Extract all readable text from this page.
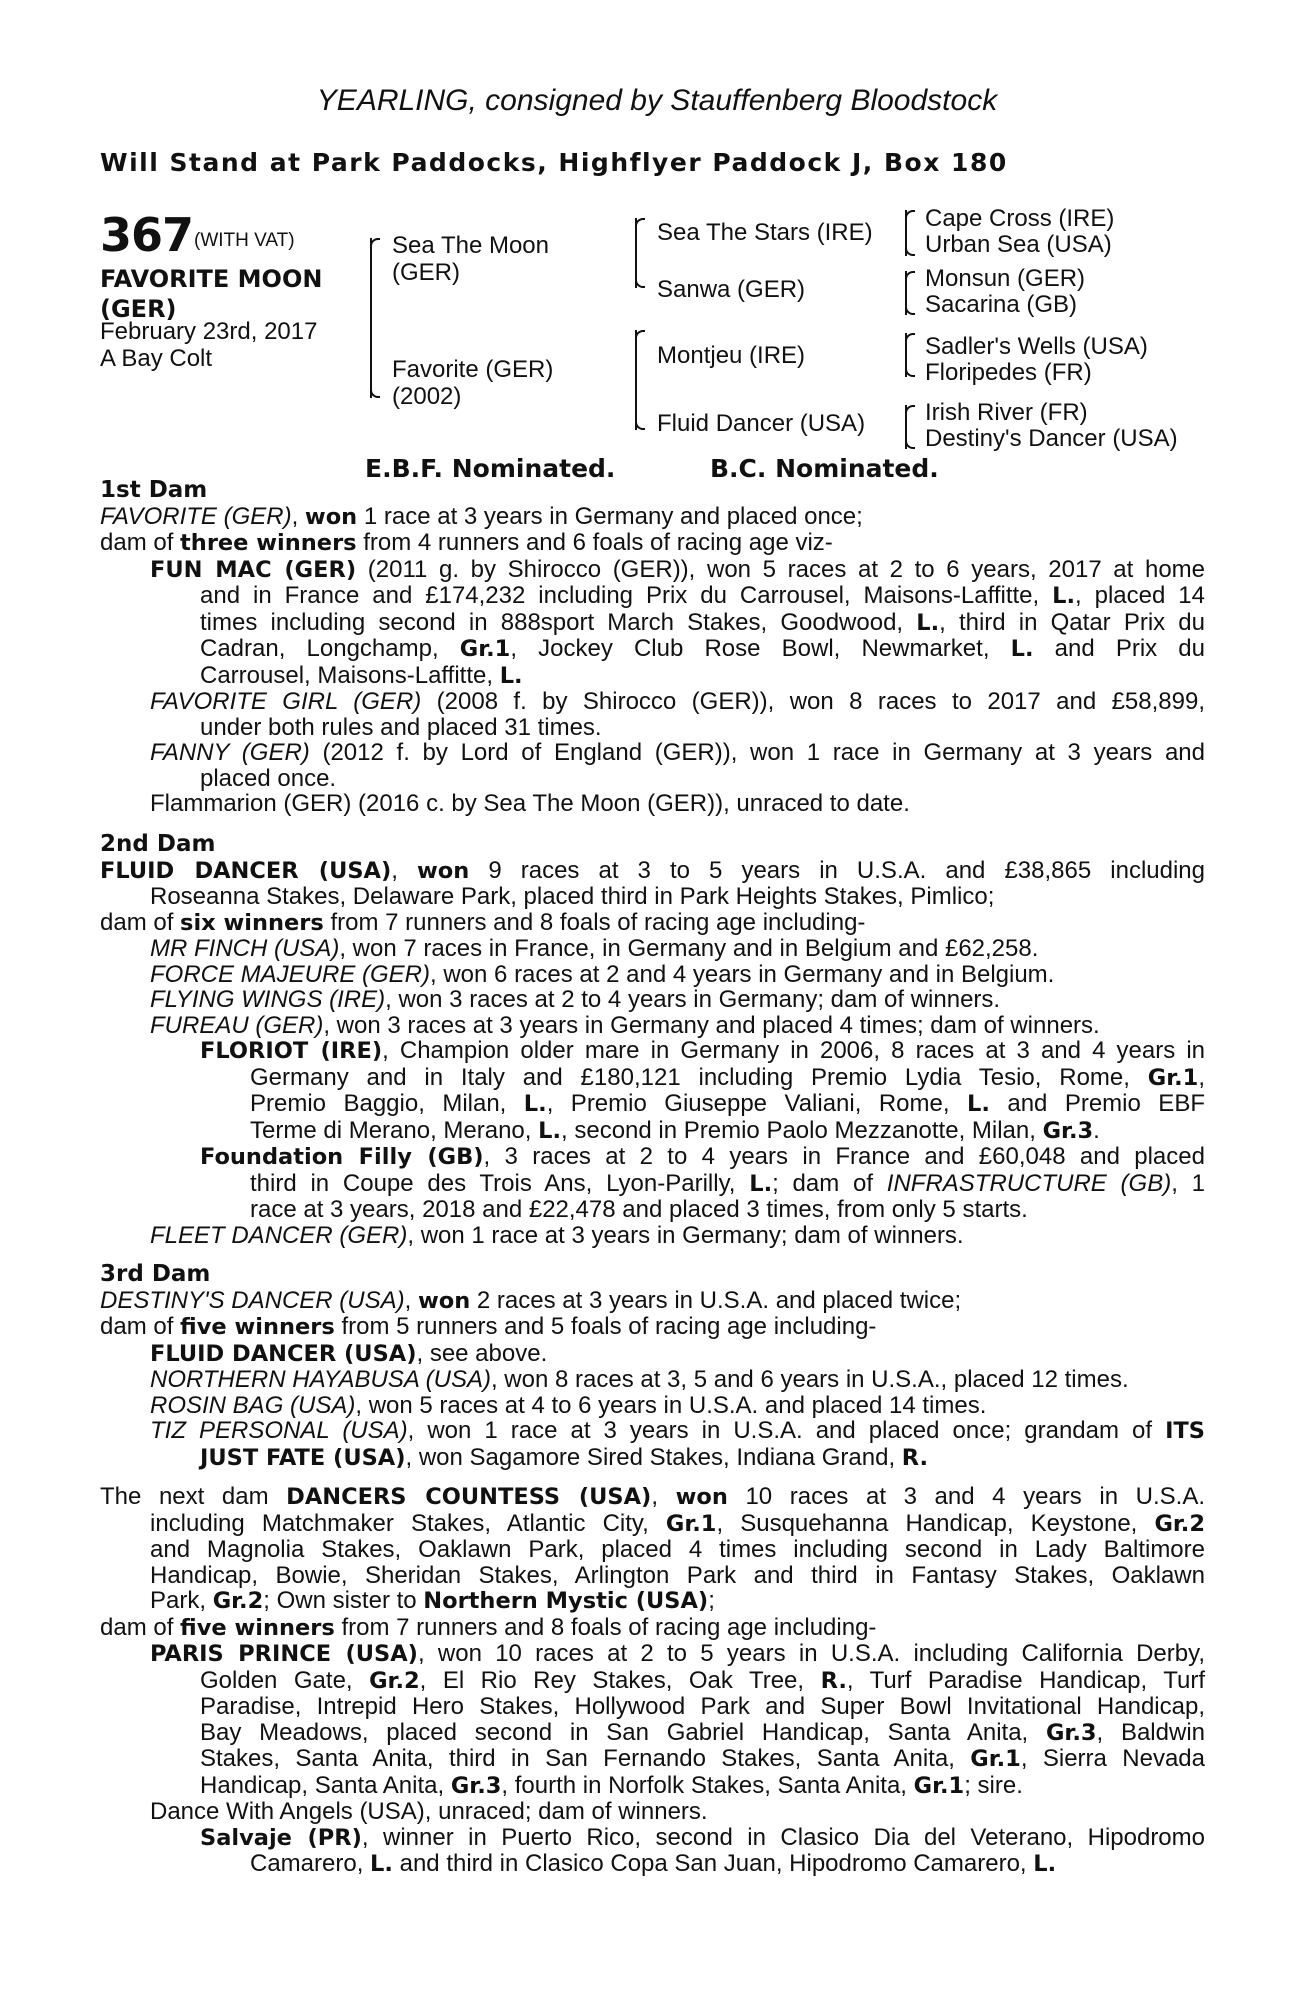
YEARLING, consigned by Stauffenberg Bloodstock
Will Stand at Park Paddocks, Highflyer Paddock J, Box 180
367 (WITH VAT)
FAVORITE MOON
(GER)
February 23rd, 2017
A Bay Colt
Sea The Moon
(GER)
Favorite (GER)
(2002)
Sea The Stars (IRE)
Sanwa (GER)
Montjeu (IRE)
Fluid Dancer (USA)
Cape Cross (IRE)
Urban Sea (USA)
Monsun (GER)
Sacarina (GB)
Sadler's Wells (USA)
Floripedes (FR)
Irish River (FR)
Destiny's Dancer (USA)
E.B.F. Nominated.	B.C. Nominated.
1st Dam
FAVORITE (GER), won 1 race at 3 years in Germany and placed once;
dam of three winners from 4 runners and 6 foals of racing age viz-
FUN MAC (GER) (2011 g. by Shirocco (GER)), won 5 races at 2 to 6 years, 2017 at home
and in France and £174,232 including Prix du Carrousel, Maisons-Laffitte, L., placed 14
times including second in 888sport March Stakes, Goodwood, L., third in Qatar Prix du
Cadran, Longchamp, Gr.1, Jockey Club Rose Bowl, Newmarket, L. and Prix du
Carrousel, Maisons-Laffitte, L.
FAVORITE GIRL (GER) (2008 f. by Shirocco (GER)), won 8 races to 2017 and £58,899,
under both rules and placed 31 times.
FANNY (GER) (2012 f. by Lord of England (GER)), won 1 race in Germany at 3 years and
placed once.
Flammarion (GER) (2016 c. by Sea The Moon (GER)), unraced to date.
2nd Dam
FLUID DANCER (USA), won 9 races at 3 to 5 years in U.S.A. and £38,865 including
Roseanna Stakes, Delaware Park, placed third in Park Heights Stakes, Pimlico;
dam of six winners from 7 runners and 8 foals of racing age including-
MR FINCH (USA), won 7 races in France, in Germany and in Belgium and £62,258.
FORCE MAJEURE (GER), won 6 races at 2 and 4 years in Germany and in Belgium.
FLYING WINGS (IRE), won 3 races at 2 to 4 years in Germany; dam of winners.
FUREAU (GER), won 3 races at 3 years in Germany and placed 4 times; dam of winners.
FLORIOT (IRE), Champion older mare in Germany in 2006, 8 races at 3 and 4 years in
Germany and in Italy and £180,121 including Premio Lydia Tesio, Rome, Gr.1,
Premio Baggio, Milan, L., Premio Giuseppe Valiani, Rome, L. and Premio EBF
Terme di Merano, Merano, L., second in Premio Paolo Mezzanotte, Milan, Gr.3.
Foundation Filly (GB), 3 races at 2 to 4 years in France and £60,048 and placed
third in Coupe des Trois Ans, Lyon-Parilly, L.; dam of INFRASTRUCTURE (GB), 1
race at 3 years, 2018 and £22,478 and placed 3 times, from only 5 starts.
FLEET DANCER (GER), won 1 race at 3 years in Germany; dam of winners.
3rd Dam
DESTINY'S DANCER (USA), won 2 races at 3 years in U.S.A. and placed twice;
dam of five winners from 5 runners and 5 foals of racing age including-
FLUID DANCER (USA), see above.
NORTHERN HAYABUSA (USA), won 8 races at 3, 5 and 6 years in U.S.A., placed 12 times.
ROSIN BAG (USA), won 5 races at 4 to 6 years in U.S.A. and placed 14 times.
TIZ PERSONAL (USA), won 1 race at 3 years in U.S.A. and placed once; grandam of ITS
JUST FATE (USA), won Sagamore Sired Stakes, Indiana Grand, R.
The next dam DANCERS COUNTESS (USA), won 10 races at 3 and 4 years in U.S.A.
including Matchmaker Stakes, Atlantic City, Gr.1, Susquehanna Handicap, Keystone, Gr.2
and Magnolia Stakes, Oaklawn Park, placed 4 times including second in Lady Baltimore
Handicap, Bowie, Sheridan Stakes, Arlington Park and third in Fantasy Stakes, Oaklawn
Park, Gr.2; Own sister to Northern Mystic (USA);
dam of five winners from 7 runners and 8 foals of racing age including-
PARIS PRINCE (USA), won 10 races at 2 to 5 years in U.S.A. including California Derby,
Golden Gate, Gr.2, El Rio Rey Stakes, Oak Tree, R., Turf Paradise Handicap, Turf
Paradise, Intrepid Hero Stakes, Hollywood Park and Super Bowl Invitational Handicap,
Bay Meadows, placed second in San Gabriel Handicap, Santa Anita, Gr.3, Baldwin
Stakes, Santa Anita, third in San Fernando Stakes, Santa Anita, Gr.1, Sierra Nevada
Handicap, Santa Anita, Gr.3, fourth in Norfolk Stakes, Santa Anita, Gr.1; sire.
Dance With Angels (USA), unraced; dam of winners.
Salvaje (PR), winner in Puerto Rico, second in Clasico Dia del Veterano, Hipodromo
Camarero, L. and third in Clasico Copa San Juan, Hipodromo Camarero, L.
